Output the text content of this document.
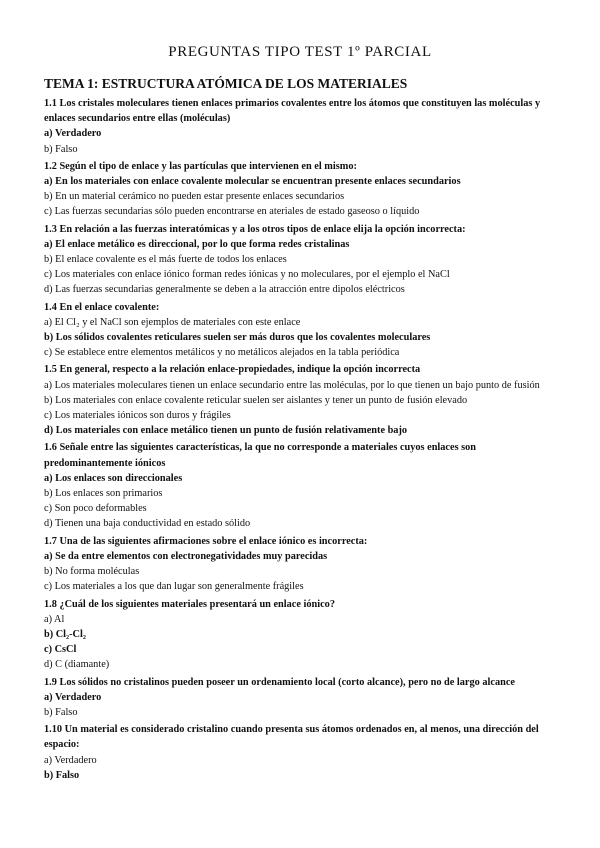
PREGUNTAS TIPO TEST 1º PARCIAL
TEMA 1: ESTRUCTURA ATÓMICA DE LOS MATERIALES
1.1 Los cristales moleculares tienen enlaces primarios covalentes entre los átomos que constituyen las moléculas y enlaces secundarios entre ellas (moléculas)
a) Verdadero
b) Falso
1.2 Según el tipo de enlace y las partículas que intervienen en el mismo:
a) En los materiales con enlace covalente molecular se encuentran presente enlaces secundarios
b) En un material cerámico no pueden estar presente enlaces secundarios
c) Las fuerzas secundarias sólo pueden encontrarse en ateriales de estado gaseoso o líquido
1.3 En relación a las fuerzas interatómicas y a los otros tipos de enlace elija la opción incorrecta:
a) El enlace metálico es direccional, por lo que forma redes cristalinas
b) El enlace covalente es el más fuerte de todos los enlaces
c) Los materiales con enlace iónico forman redes iónicas y no moleculares, por el ejemplo el NaCl
d) Las fuerzas secundarias generalmente se deben a la atracción entre dipolos eléctricos
1.4 En el enlace covalente:
a) El Cl₂ y el NaCl son ejemplos de materiales con este enlace
b) Los sólidos covalentes reticulares suelen ser más duros que los covalentes moleculares
c) Se establece entre elementos metálicos y no metálicos alejados en la tabla periódica
1.5 En general, respecto a la relación enlace-propiedades, indique la opción incorrecta
a) Los materiales moleculares tienen un enlace secundario entre las moléculas, por lo que tienen un bajo punto de fusión
b) Los materiales con enlace covalente reticular suelen ser aislantes y tener un punto de fusión elevado
c) Los materiales iónicos son duros y frágiles
d) Los materiales con enlace metálico tienen un punto de fusión relativamente bajo
1.6 Señale entre las siguientes características, la que no corresponde a materiales cuyos enlaces son predominantemente iónicos
a) Los enlaces son direccionales
b) Los enlaces son primarios
c) Son poco deformables
d) Tienen una baja conductividad en estado sólido
1.7 Una de las siguientes afirmaciones sobre el enlace iónico es incorrecta:
a) Se da entre elementos con electronegatividades muy parecidas
b) No forma moléculas
c) Los materiales a los que dan lugar son generalmente frágiles
1.8 ¿Cuál de los siguientes materiales presentará un enlace iónico?
a) Al
b) Cl₂-Cl₂
c) CsCl
d) C (diamante)
1.9 Los sólidos no cristalinos pueden poseer un ordenamiento local (corto alcance), pero no de largo alcance
a) Verdadero
b) Falso
1.10 Un material es considerado cristalino cuando presenta sus átomos ordenados en, al menos, una dirección del espacio:
a) Verdadero
b) Falso
